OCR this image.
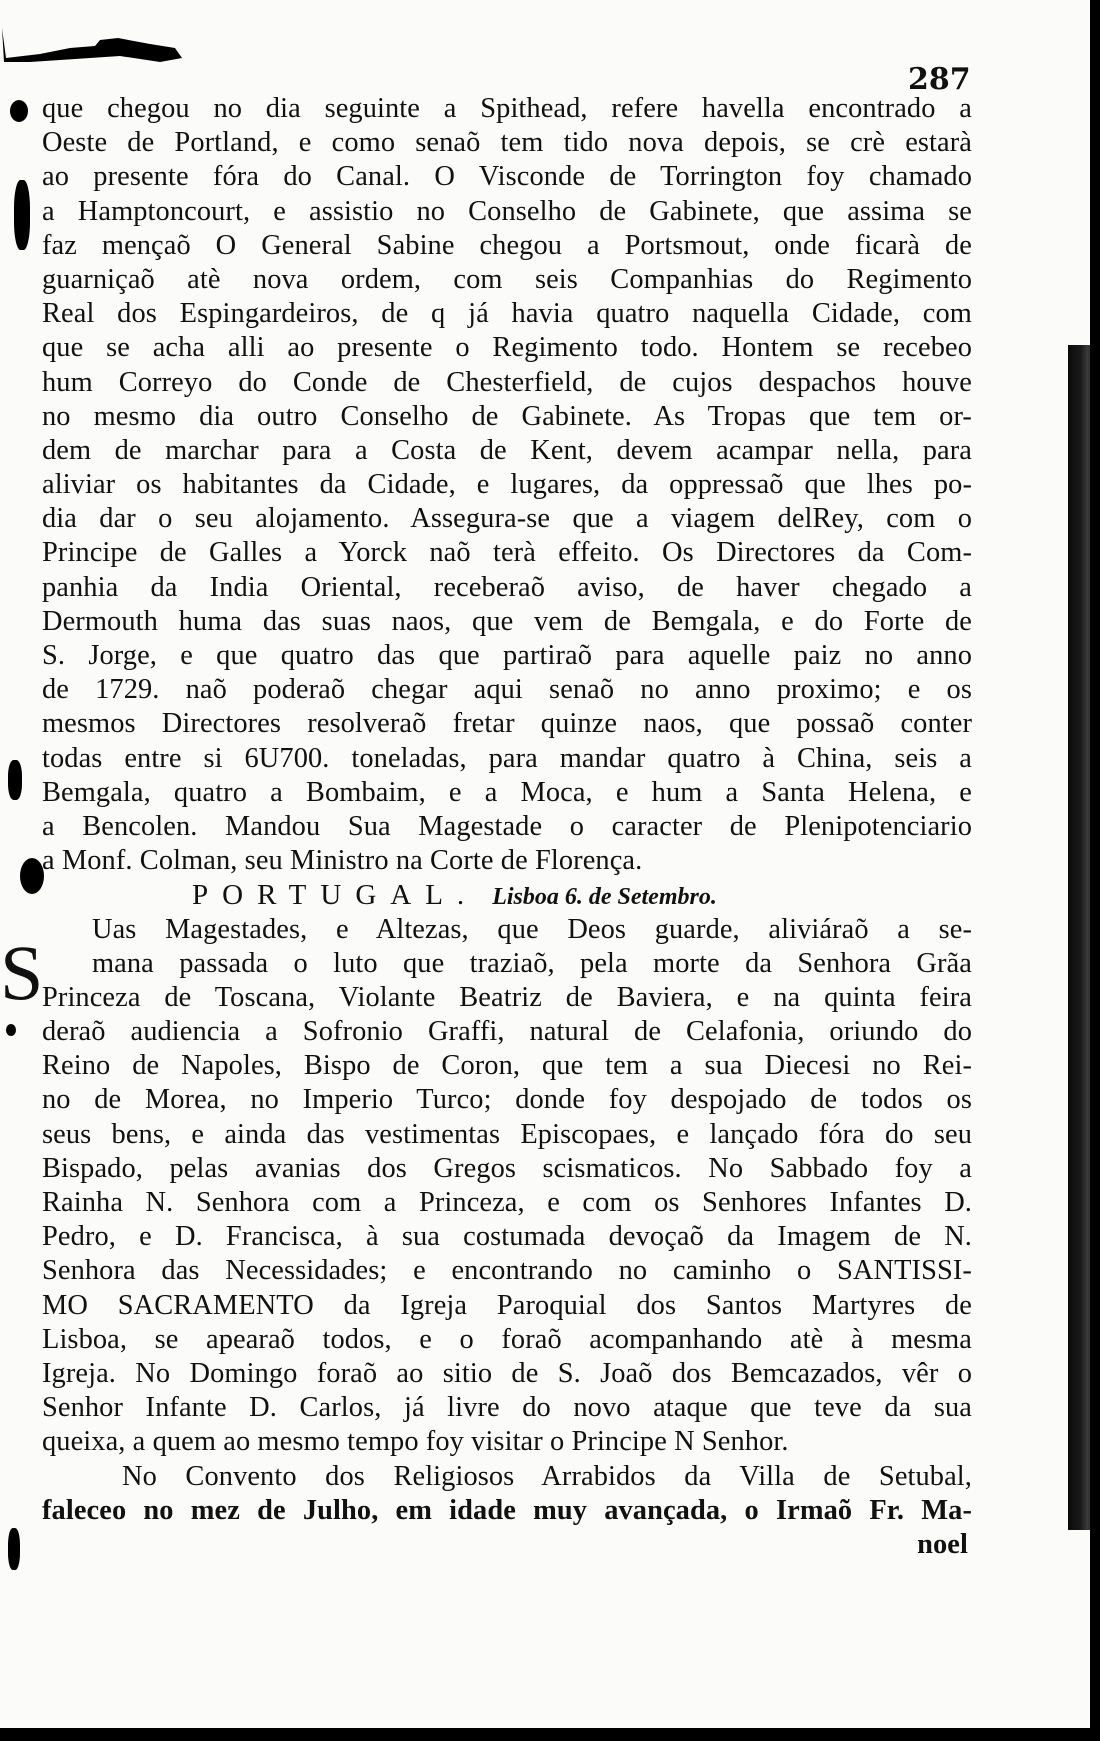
287
S
que chegou no dia seguinte a Spithead, refere havella encontrado a
Oeste de Portland, e como senaõ tem tido nova depois, se crè estarà
ao presente fóra do Canal. O Visconde de Torrington foy chamado
a Hamptoncourt, e assistio no Conselho de Gabinete, que assima se
faz mençaõ O General Sabine chegou a Portsmout, onde ficarà de
guarniçaõ atè nova ordem, com seis Companhias do Regimento
Real dos Espingardeiros, de q já havia quatro naquella Cidade, com
que se acha alli ao presente o Regimento todo. Hontem se recebeo
hum Correyo do Conde de Chesterfield, de cujos despachos houve
no mesmo dia outro Conselho de Gabinete. As Tropas que tem or-
dem de marchar para a Costa de Kent, devem acampar nella, para
aliviar os habitantes da Cidade, e lugares, da oppressaõ que lhes po-
dia dar o seu alojamento. Assegura-se que a viagem delRey, com o
Principe de Galles a Yorck naõ terà effeito. Os Directores da Com-
panhia da India Oriental, receberaõ aviso, de haver chegado a
Dermouth huma das suas naos, que vem de Bemgala, e do Forte de
S. Jorge, e que quatro das que partiraõ para aquelle paiz no anno
de 1729. naõ poderaõ chegar aqui senaõ no anno proximo; e os
mesmos Directores resolveraõ fretar quinze naos, que possaõ conter
todas entre si 6U700. toneladas, para mandar quatro à China, seis a
Bemgala, quatro a Bombaim, e a Moca, e hum a Santa Helena, e
a Bencolen. Mandou Sua Magestade o caracter de Plenipotenciario
a Monf. Colman, seu Ministro na Corte de Florença.
PORTUGAL. Lisboa 6. de Setembro.
Uas Magestades, e Altezas, que Deos guarde, aliviáraõ a se-
mana passada o luto que traziaõ, pela morte da Senhora Grãa
Princeza de Toscana, Violante Beatriz de Baviera, e na quinta feira
deraõ audiencia a Sofronio Graffi, natural de Celafonia, oriundo do
Reino de Napoles, Bispo de Coron, que tem a sua Diecesi no Rei-
no de Morea, no Imperio Turco; donde foy despojado de todos os
seus bens, e ainda das vestimentas Episcopaes, e lançado fóra do seu
Bispado, pelas avanias dos Gregos scismaticos. No Sabbado foy a
Rainha N. Senhora com a Princeza, e com os Senhores Infantes D.
Pedro, e D. Francisca, à sua costumada devoçaõ da Imagem de N.
Senhora das Necessidades; e encontrando no caminho o SANTISSI-
MO SACRAMENTO da Igreja Paroquial dos Santos Martyres de
Lisboa, se apearaõ todos, e o foraõ acompanhando atè à mesma
Igreja. No Domingo foraõ ao sitio de S. Joaõ dos Bemcazados, vêr o
Senhor Infante D. Carlos, já livre do novo ataque que teve da sua
queixa, a quem ao mesmo tempo foy visitar o Principe N Senhor.
No Convento dos Religiosos Arrabidos da Villa de Setubal,
faleceo no mez de Julho, em idade muy avançada, o Irmaõ Fr. Ma-
noel
